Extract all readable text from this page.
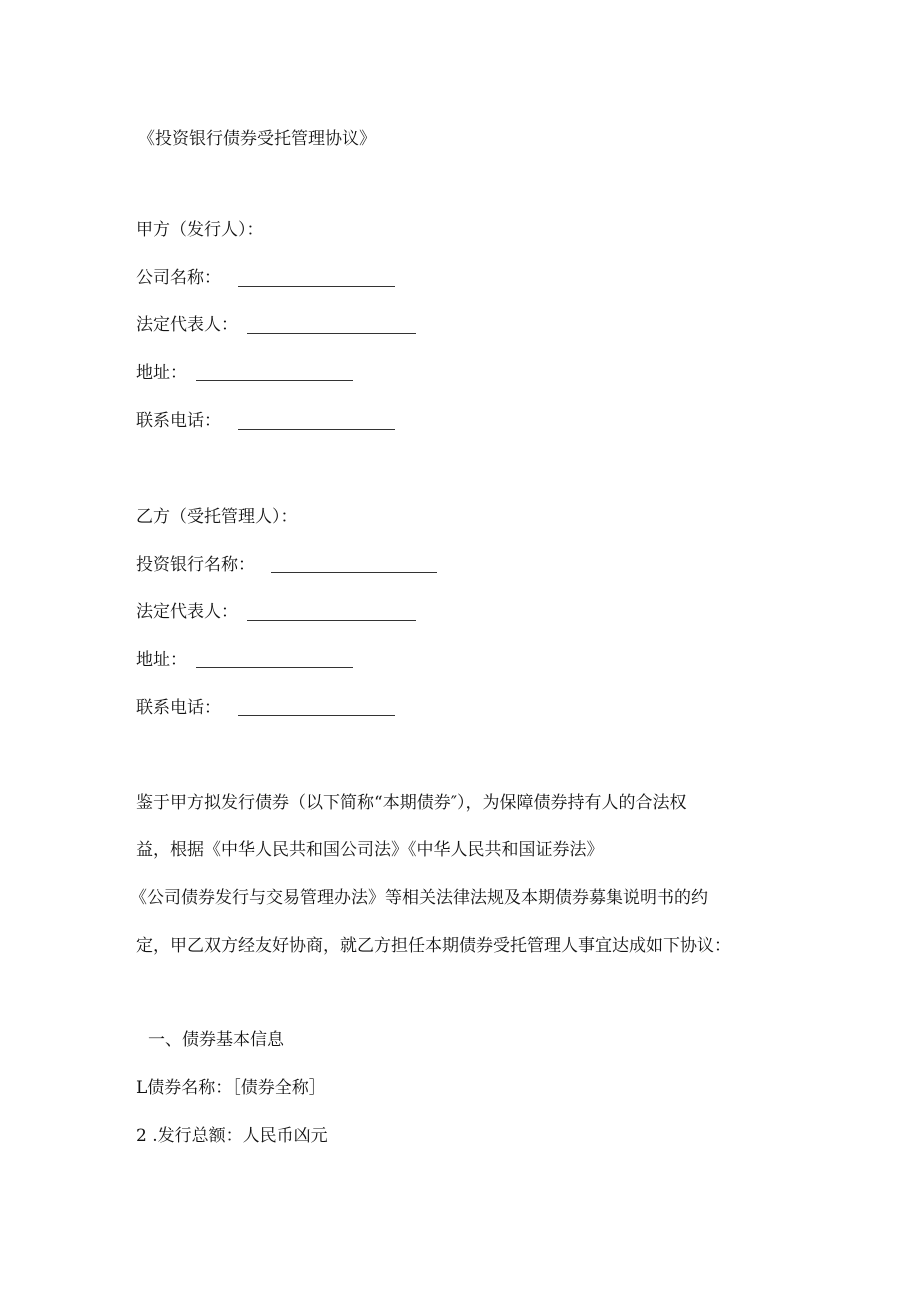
《投资银行债券受托管理协议》
甲方（发行人）：
公司名称：
法定代表人：
地址：
联系电话：
乙方（受托管理人）：
投资银行名称：
法定代表人：
地址：
联系电话：
鉴于甲方拟发行债券（以下简称“本期债券″），为保障债券持有人的合法权
益，根据《中华人民共和国公司法》《中华人民共和国证券法》
《公司债券发行与交易管理办法》等相关法律法规及本期债券募集说明书的约
定，甲乙双方经友好协商，就乙方担任本期债券受托管理人事宜达成如下协议：
一、债券基本信息
L债券名称：［债券全称］
2 .发行总额：人民币凶元
